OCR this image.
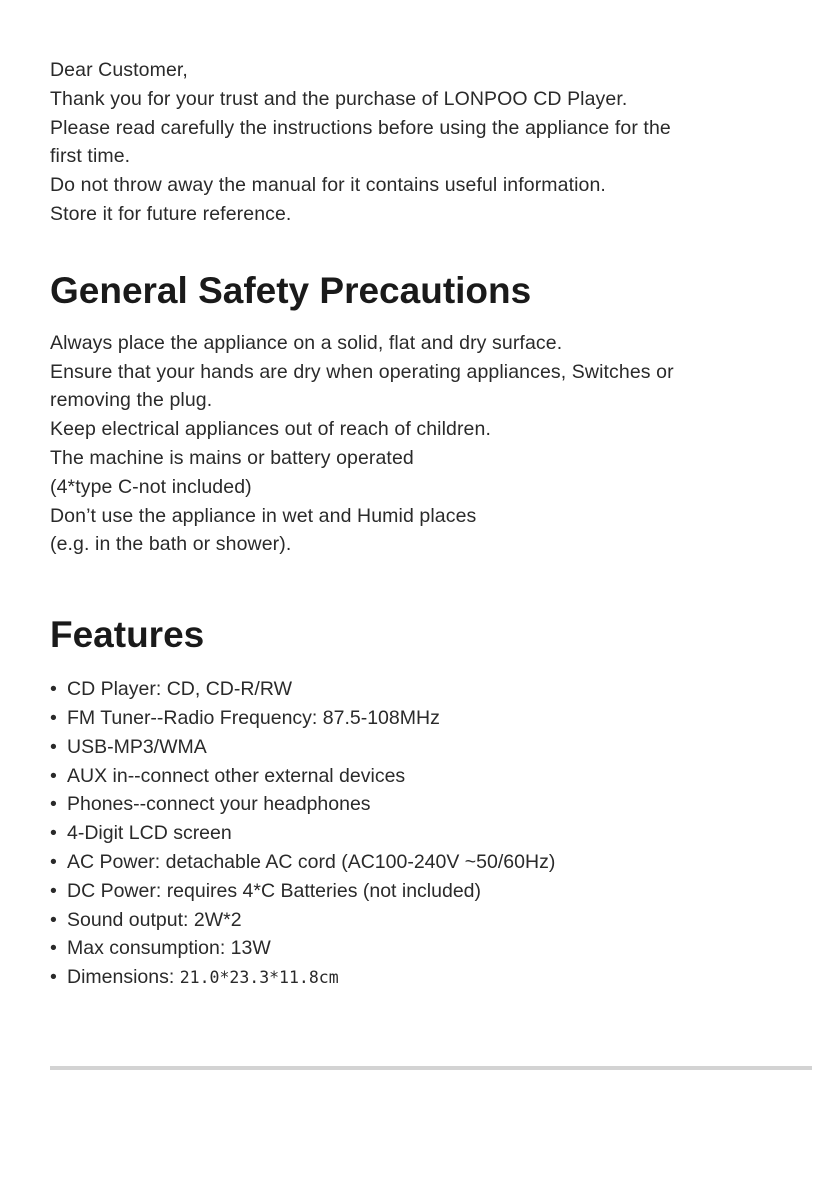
Dear Customer,

Thank you for your trust and the purchase of LONPOO CD Player.

Please read carefully the instructions before using the appliance for the

first time.

Do not throw away the manual for it contains useful information.

Store it for future reference.

General Safety Precautions

Always place the appliance on a solid, flat and dry surface.

Ensure that your hands are dry when operating appliances, Switches or

removing the plug.

Keep electrical appliances out of reach of children.

The machine is mains or battery operated

(4*type C-not included)

Don’t use the appliance in wet and Humid places

(e.g. in the bath or shower).

Features
• CD Player: CD, CD-R/RW
• FM Tuner--Radio Frequency: 87.5-108MHz
• USB-MP3/WMA
• AUX in--connect other external devices
• Phones--connect your headphones
• 4-Digit LCD screen
• AC Power: detachable AC cord (AC100-240V ~50/60Hz)
• DC Power: requires 4*C Batteries (not included)
• Sound output: 2W*2
• Max consumption: 13W
• Dimensions: 21.0*23.3*11.8cm
